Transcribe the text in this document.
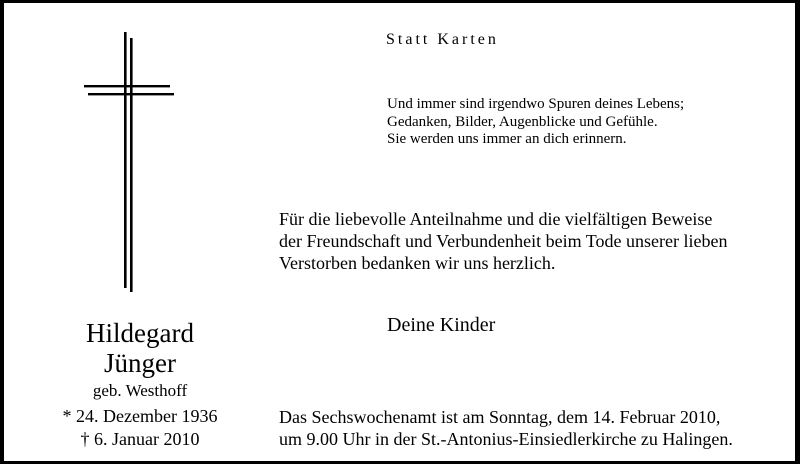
Statt Karten
Und immer sind irgendwo Spuren deines Lebens;
Gedanken, Bilder, Augenblicke und Gefühle.
Sie werden uns immer an dich erinnern.
Für die liebevolle Anteilnahme und die vielfältigen Beweise
der Freundschaft und Verbundenheit beim Tode unserer lieben
Verstorben bedanken wir uns herzlich.
Deine Kinder
Hildegard
Jünger
geb. Westhoff
* 24. Dezember 1936
† 6. Januar 2010
Das Sechswochenamt ist am Sonntag, dem 14. Februar 2010,
um 9.00 Uhr in der St.-Antonius-Einsiedlerkirche zu Halingen.
